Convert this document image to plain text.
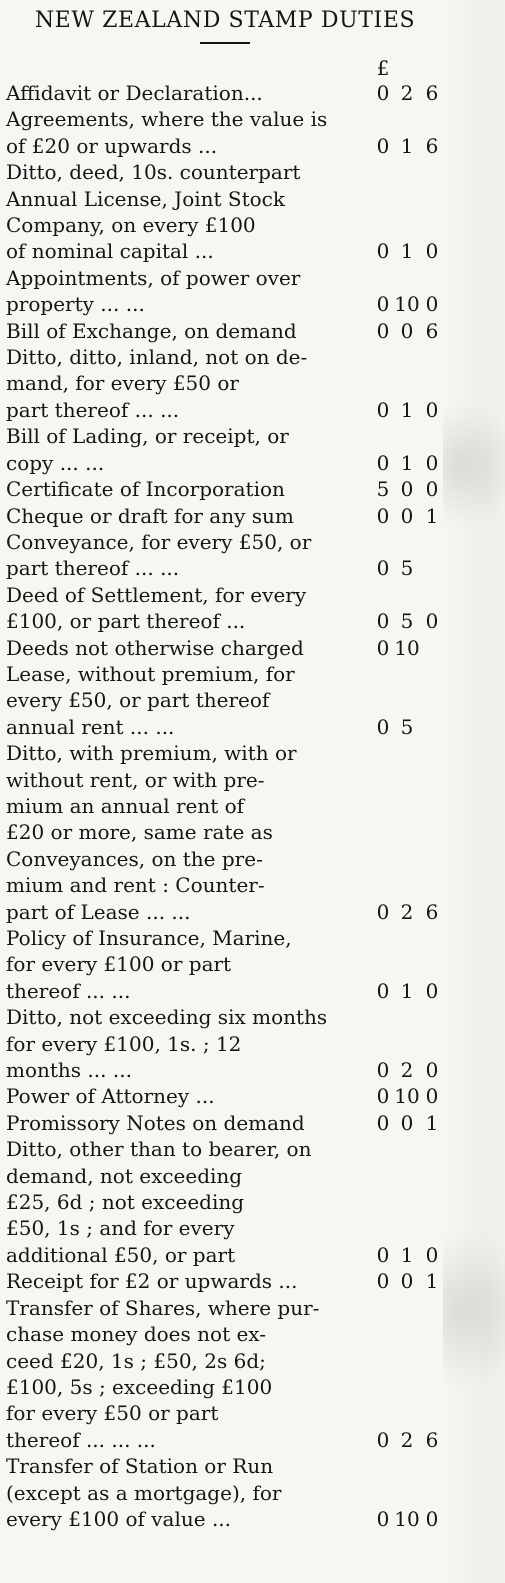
NEW ZEALAND STAMP DUTIES
£
Affidavit or Declaration...	0 2 6
Agreements, where the value is
of £20 or upwards ...	0 1 6
Ditto, deed, 10s. counterpart
Annual License, Joint Stock
Company, on every £100
of nominal capital ...	0 1 0
Appointments, of power over
property ... ...	0 10 0
Bill of Exchange, on demand	0 0 6
Ditto, ditto, inland, not on de-
mand, for every £50 or
part thereof ... ...	0 1 0
Bill of Lading, or receipt, or
copy ... ...	0 1 0
Certificate of Incorporation	5 0 0
Cheque or draft for any sum	0 0 1
Conveyance, for every £50, or
part thereof ... ...	0 5
Deed of Settlement, for every
£100, or part thereof ...	0 5 0
Deeds not otherwise charged	0 10
Lease, without premium, for
every £50, or part thereof
annual rent ... ...	0 5
Ditto, with premium, with or
without rent, or with pre-
mium an annual rent of
£20 or more, same rate as
Conveyances, on the pre-
mium and rent : Counter-
part of Lease ... ...	0 2 6
Policy of Insurance, Marine,
for every £100 or part
thereof ... ...	0 1 0
Ditto, not exceeding six months
for every £100, 1s. ; 12
months ... ...	0 2 0
Power of Attorney ...	0 10 0
Promissory Notes on demand	0 0 1
Ditto, other than to bearer, on
demand, not exceeding
£25, 6d ; not exceeding
£50, 1s ; and for every
additional £50, or part	0 1 0
Receipt for £2 or upwards ...	0 0 1
Transfer of Shares, where pur-
chase money does not ex-
ceed £20, 1s ; £50, 2s 6d;
£100, 5s ; exceeding £100
for every £50 or part
thereof ... ... ...	0 2 6
Transfer of Station or Run
(except as a mortgage), for
every £100 of value ...	0 10 0
